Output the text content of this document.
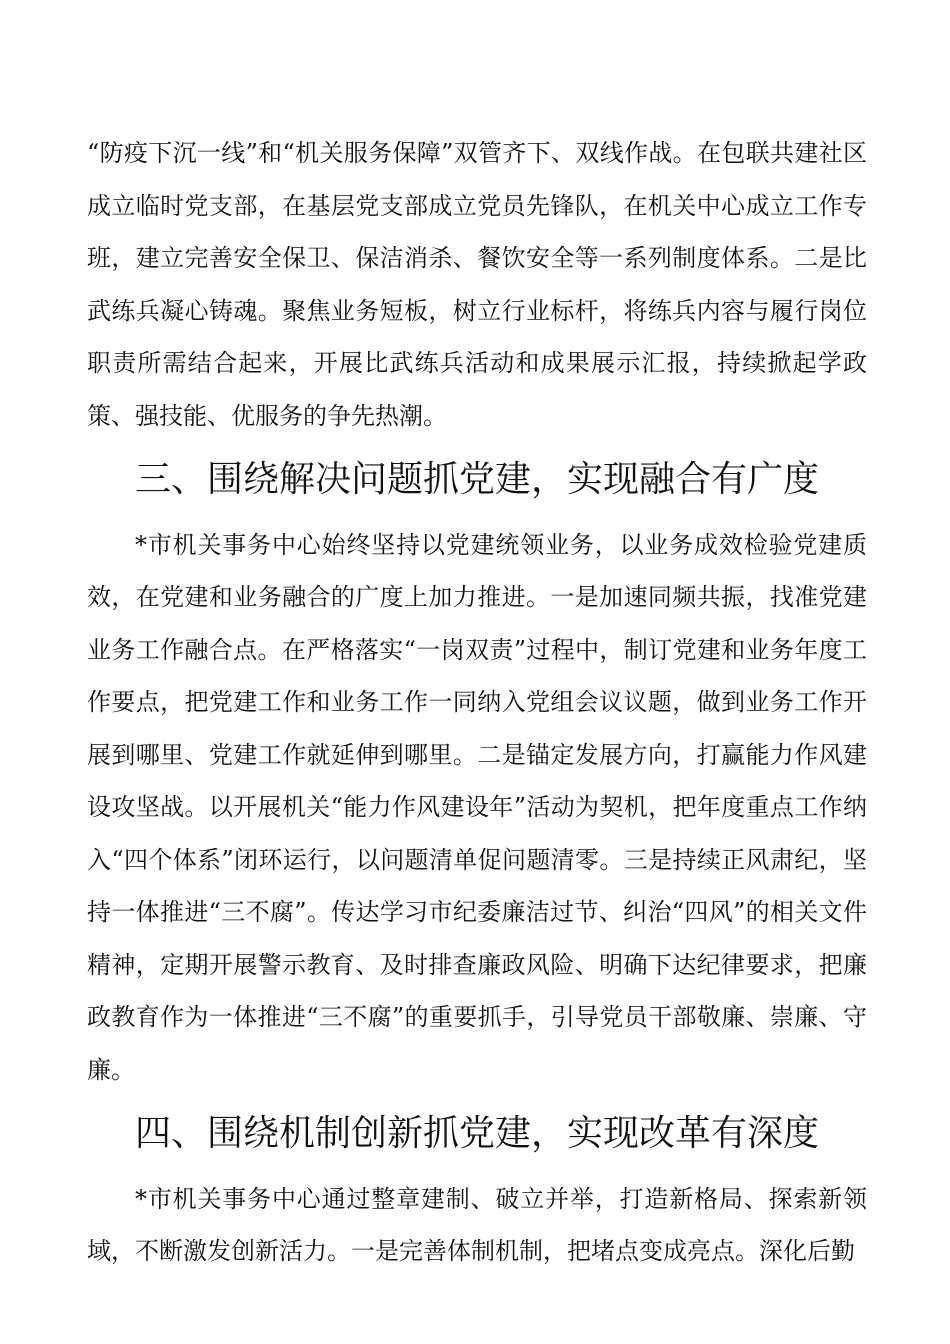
“防疫下沉一线”和“机关服务保障”双管齐下、双线作战。在包联共建社区成立临时党支部，在基层党支部成立党员先锋队，在机关中心成立工作专班，建立完善安全保卫、保洁消杀、餐饮安全等一系列制度体系。二是比武练兵凝心铸魂。聚焦业务短板，树立行业标杆，将练兵内容与履行岗位职责所需结合起来，开展比武练兵活动和成果展示汇报，持续掀起学政策、强技能、优服务的争先热潮。

三、围绕解决问题抓党建，实现融合有广度

*市机关事务中心始终坚持以党建统领业务，以业务成效检验党建质效，在党建和业务融合的广度上加力推进。一是加速同频共振，找准党建业务工作融合点。在严格落实“一岗双责”过程中，制订党建和业务年度工作要点，把党建工作和业务工作一同纳入党组会议议题，做到业务工作开展到哪里、党建工作就延伸到哪里。二是锚定发展方向，打赢能力作风建设攻坚战。以开展机关“能力作风建设年”活动为契机，把年度重点工作纳入“四个体系”闭环运行，以问题清单促问题清零。三是持续正风肃纪，坚持一体推进“三不腐”。传达学习市纪委廉洁过节、纠治“四风”的相关文件精神，定期开展警示教育、及时排查廉政风险、明确下达纪律要求，把廉政教育作为一体推进“三不腐”的重要抓手，引导党员干部敬廉、崇廉、守廉。

四、围绕机制创新抓党建，实现改革有深度

*市机关事务中心通过整章建制、破立并举，打造新格局、探索新领域，不断激发创新活力。一是完善体制机制，把堵点变成亮点。深化后勤
